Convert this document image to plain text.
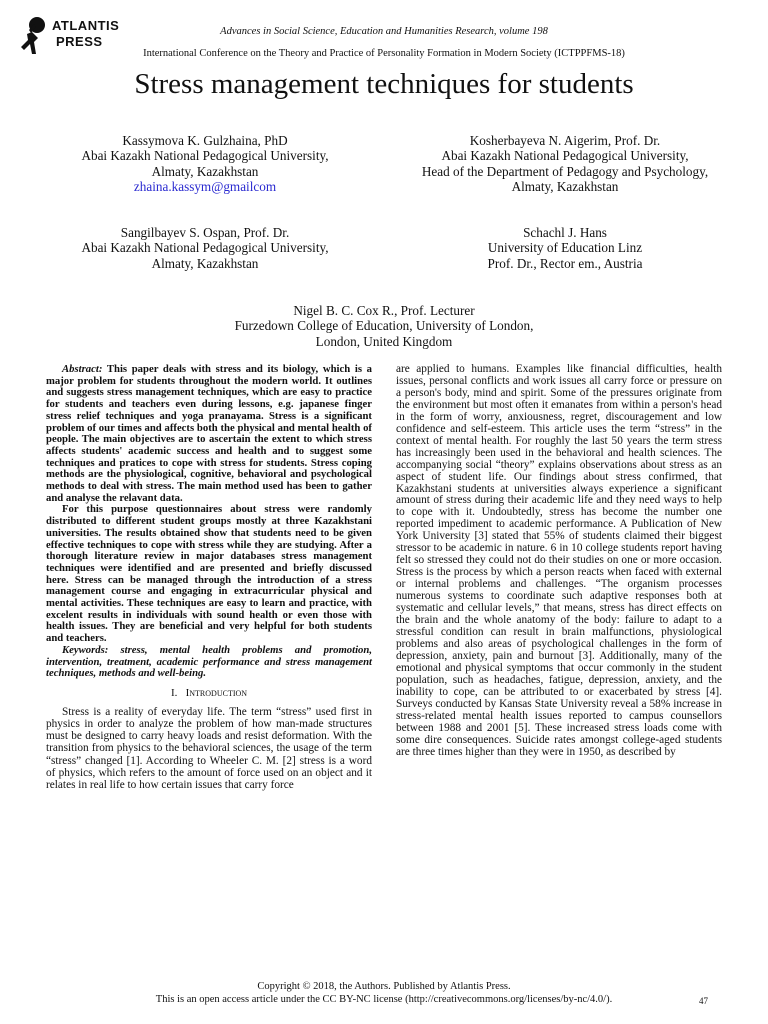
ATLANTIS
PRESS
Advances in Social Science, Education and Humanities Research, volume 198
International Conference on the Theory and Practice of Personality Formation in Modern Society (ICTPPFMS-18)
Stress management techniques for students
Kassymova K. Gulzhaina, PhD
Abai Kazakh National Pedagogical University,
Almaty, Kazakhstan
zhaina.kassym@gmailcom
Kosherbayeva N. Aigerim, Prof. Dr.
Abai Kazakh National Pedagogical University,
Head of the Department of Pedagogy and Psychology,
Almaty, Kazakhstan
Sangilbayev S. Ospan, Prof. Dr.
Abai Kazakh National Pedagogical University,
Almaty, Kazakhstan
Schachl J. Hans
University of Education Linz
Prof. Dr., Rector em., Austria
Nigel B. C. Cox R., Prof. Lecturer
Furzedown College of Education, University of London,
London, United Kingdom

Abstract: This paper deals with stress and its biology, which is a major problem for students throughout the modern world. It outlines and suggests stress management techniques, which are easy to practice for students and teachers even during lessons, e.g. japanese finger stress relief techniques and yoga pranayama. Stress is a significant problem of our times and affects both the physical and mental health of people. The main objectives are to ascertain the extent to which stress affects students' academic success and health and to suggest some techniques and pratices to cope with stress for students. Stress coping methods are the physiological, cognitive, behavioral and psychological methods to deal with stress. The main method used has been to gather and analyse the relavant data.

For this purpose questionnaires about stress were randomly distributed to different student groups mostly at three Kazakhstani universities. The results obtained show that students need to be given effective techniques to cope with stress while they are studying. After a thorough literature review in major databases stress management techniques were identified and are presented and briefly discussed here. Stress can be managed through the introduction of a stress management course and engaging in extracurricular physical and mental activities. These techniques are easy to learn and practice, with excelent results in individuals with sound health or even those with health issues. They are beneficial and very helpful for both students and teachers.

Keywords: stress, mental health problems and promotion, intervention, treatment, academic performance and stress management techniques, methods and well-being.

I. Introduction

Stress is a reality of everyday life. The term “stress” used first in physics in order to analyze the problem of how man-made structures must be designed to carry heavy loads and resist deformation. With the transition from physics to the behavioral sciences, the usage of the term “stress” changed [1]. According to Wheeler C. M. [2] stress is a word of physics, which refers to the amount of force used on an object and it relates in real life to how certain issues that carry force

are applied to humans. Examples like financial difficulties, health issues, personal conflicts and work issues all carry force or pressure on a person's body, mind and spirit. Some of the pressures originate from the environment but most often it emanates from within a person's head in the form of worry, anxiousness, regret, discouragement and low confidence and self-esteem. This article uses the term “stress” in the context of mental health. For roughly the last 50 years the term stress has increasingly been used in the behavioral and health sciences. The accompanying social “theory” explains observations about stress as an aspect of student life. Our findings about stress confirmed, that Kazakhstani students at universities always experience a significant amount of stress during their academic life and they need ways to help to cope with it. Undoubtedly, stress has become the number one reported impediment to academic performance. A Publication of New York University [3] stated that 55% of students claimed their biggest stressor to be academic in nature. 6 in 10 college students report having felt so stressed they could not do their studies on one or more occasion. Stress is the process by which a person reacts when faced with external or internal problems and challenges. “The organism processes numerous systems to coordinate such adaptive responses both at systematic and cellular levels,” that means, stress has direct effects on the brain and the whole anatomy of the body: failure to adapt to a stressful condition can result in brain malfunctions, physiological problems and also areas of psychological challenges in the form of depression, anxiety, pain and burnout [3]. Additionally, many of the emotional and physical symptoms that occur commonly in the student population, such as headaches, fatigue, depression, anxiety, and the inability to cope, can be attributed to or exacerbated by stress [4]. Surveys conducted by Kansas State University reveal a 58% increase in stress-related mental health issues reported to campus counsellors between 1988 and 2001 [5]. These increased stress loads come with some dire consequences. Suicide rates amongst college-aged students are three times higher than they were in 1950, as described by

Copyright © 2018, the Authors. Published by Atlantis Press.
This is an open access article under the CC BY-NC license (http://creativecommons.org/licenses/by-nc/4.0/).	47
